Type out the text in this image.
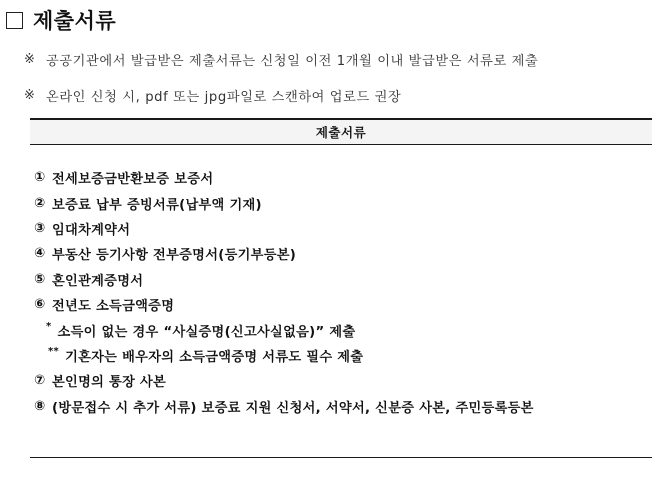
제출서류
※ 공공기관에서 발급받은 제출서류는 신청일 이전 1개월 이내 발급받은 서류로 제출
※ 온라인 신청 시, pdf 또는 jpg파일로 스캔하여 업로드 권장
제출서류
① 전세보증금반환보증 보증서
② 보증료 납부 증빙서류(납부액 기재)
③ 임대차계약서
④ 부동산 등기사항 전부증명서(등기부등본)
⑤ 혼인관계증명서
⑥ 전년도 소득금액증명
* 소득이 없는 경우 “사실증명(신고사실없음)” 제출
** 기혼자는 배우자의 소득금액증명 서류도 필수 제출
⑦ 본인명의 통장 사본
⑧ (방문접수 시 추가 서류) 보증료 지원 신청서, 서약서, 신분증 사본, 주민등록등본
